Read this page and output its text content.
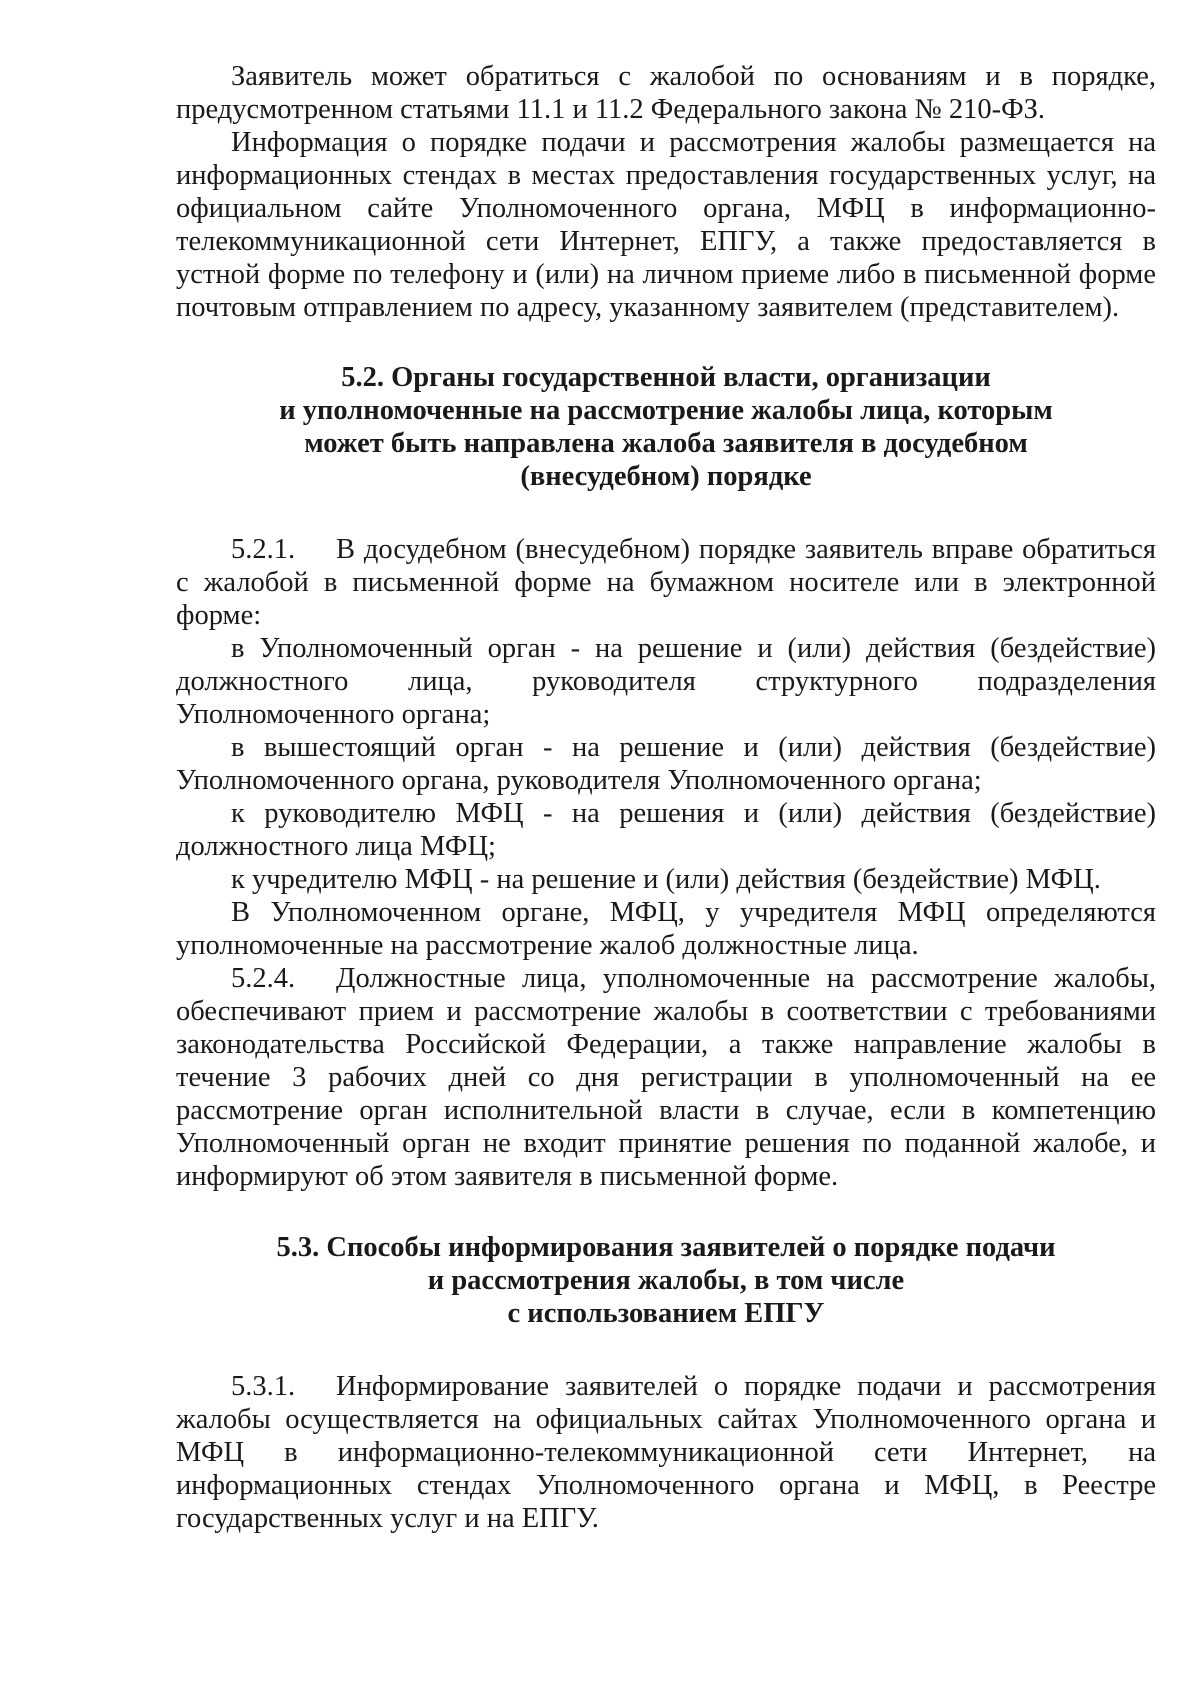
Заявитель может обратиться с жалобой по основаниям и в порядке, предусмотренном статьями 11.1 и 11.2 Федерального закона № 210-ФЗ.

Информация о порядке подачи и рассмотрения жалобы размещается на информационных стендах в местах предоставления государственных услуг, на официальном сайте Уполномоченного органа, МФЦ в информационно-телекоммуникационной сети Интернет, ЕПГУ, а также предоставляется в устной форме по телефону и (или) на личном приеме либо в письменной форме почтовым отправлением по адресу, указанному заявителем (представителем).

5.2. Органы государственной власти, организации
и уполномоченные на рассмотрение жалобы лица, которым
может быть направлена жалоба заявителя в досудебном
(внесудебном) порядке

5.2.1. В досудебном (внесудебном) порядке заявитель вправе обратиться с жалобой в письменной форме на бумажном носителе или в электронной форме:

в Уполномоченный орган - на решение и (или) действия (бездействие) должностного лица, руководителя структурного подразделения Уполномоченного органа;

в вышестоящий орган - на решение и (или) действия (бездействие) Уполномоченного органа, руководителя Уполномоченного органа;

к руководителю МФЦ - на решения и (или) действия (бездействие) должностного лица МФЦ;

к учредителю МФЦ - на решение и (или) действия (бездействие) МФЦ.

В Уполномоченном органе, МФЦ, у учредителя МФЦ определяются уполномоченные на рассмотрение жалоб должностные лица.

5.2.4. Должностные лица, уполномоченные на рассмотрение жалобы, обеспечивают прием и рассмотрение жалобы в соответствии с требованиями законодательства Российской Федерации, а также направление жалобы в течение 3 рабочих дней со дня регистрации в уполномоченный на ее рассмотрение орган исполнительной власти в случае, если в компетенцию Уполномоченный орган не входит принятие решения по поданной жалобе, и информируют об этом заявителя в письменной форме.

5.3. Способы информирования заявителей о порядке подачи
и рассмотрения жалобы, в том числе
с использованием ЕПГУ

5.3.1. Информирование заявителей о порядке подачи и рассмотрения жалобы осуществляется на официальных сайтах Уполномоченного органа и МФЦ в информационно-телекоммуникационной сети Интернет, на информационных стендах Уполномоченного органа и МФЦ, в Реестре государственных услуг и на ЕПГУ.
